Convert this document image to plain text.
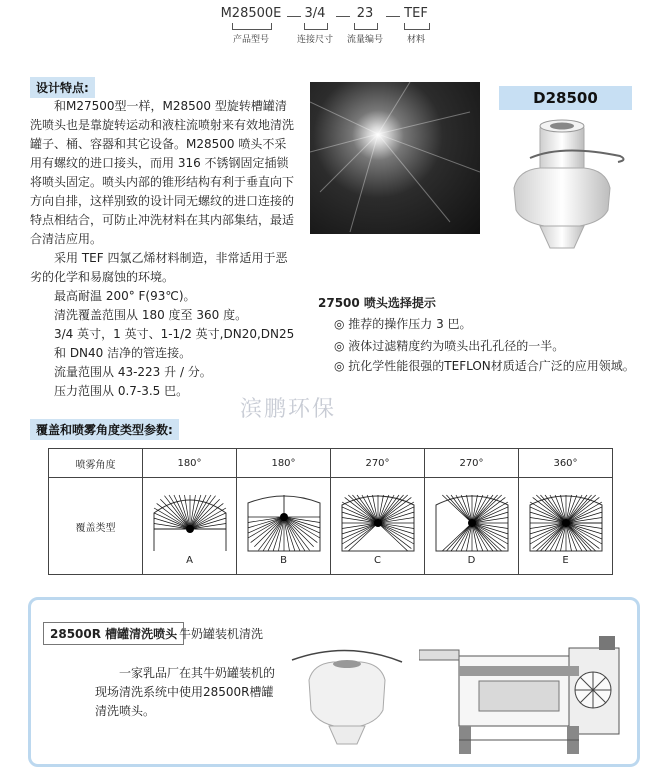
M28500E	3/4	23	TEF
产品型号	连接尺寸	流量编号	材料
设计特点:

和M27500型一样，M28500 型旋转槽罐清洗喷头也是靠旋转运动和液柱流喷射来有效地清洗罐子、桶、容器和其它设备。M28500 喷头不采用有螺纹的进口接头，而用 316 不锈钢固定插锁将喷头固定。喷头内部的锥形结构有利于垂直向下方向自排，这样别致的设计同无螺纹的进口连接的特点相结合，可防止冲洗材料在其内部集结，最适合清洁应用。

采用 TEF 四氯乙烯材料制造，非常适用于恶劣的化学和易腐蚀的环境。

最高耐温 200° F(93℃)。

清洗覆盖范围从 180 度至 360 度。

3/4 英寸，1 英寸、1-1/2 英寸,DN20,DN25 和 DN40 洁净的管连接。

流量范围从 43-223 升 / 分。

压力范围从 0.7-3.5 巴。

D28500
27500 喷头选择提示
◎ 推荐的操作压力 3 巴。
◎ 液体过滤精度约为喷头出孔孔径的一半。
◎ 抗化学性能很强的TEFLON材质适合广泛的应用领域。
滨鹏环保
覆盖和喷雾角度类型参数:
喷雾角度	180°	180°	270°	270°	360°
覆盖类型	A	B	C	D	E
28500R 槽罐清洗喷头 牛奶罐装机清洗
一家乳品厂在其牛奶罐装机的现场清洗系统中使用28500R槽罐清洗喷头。
